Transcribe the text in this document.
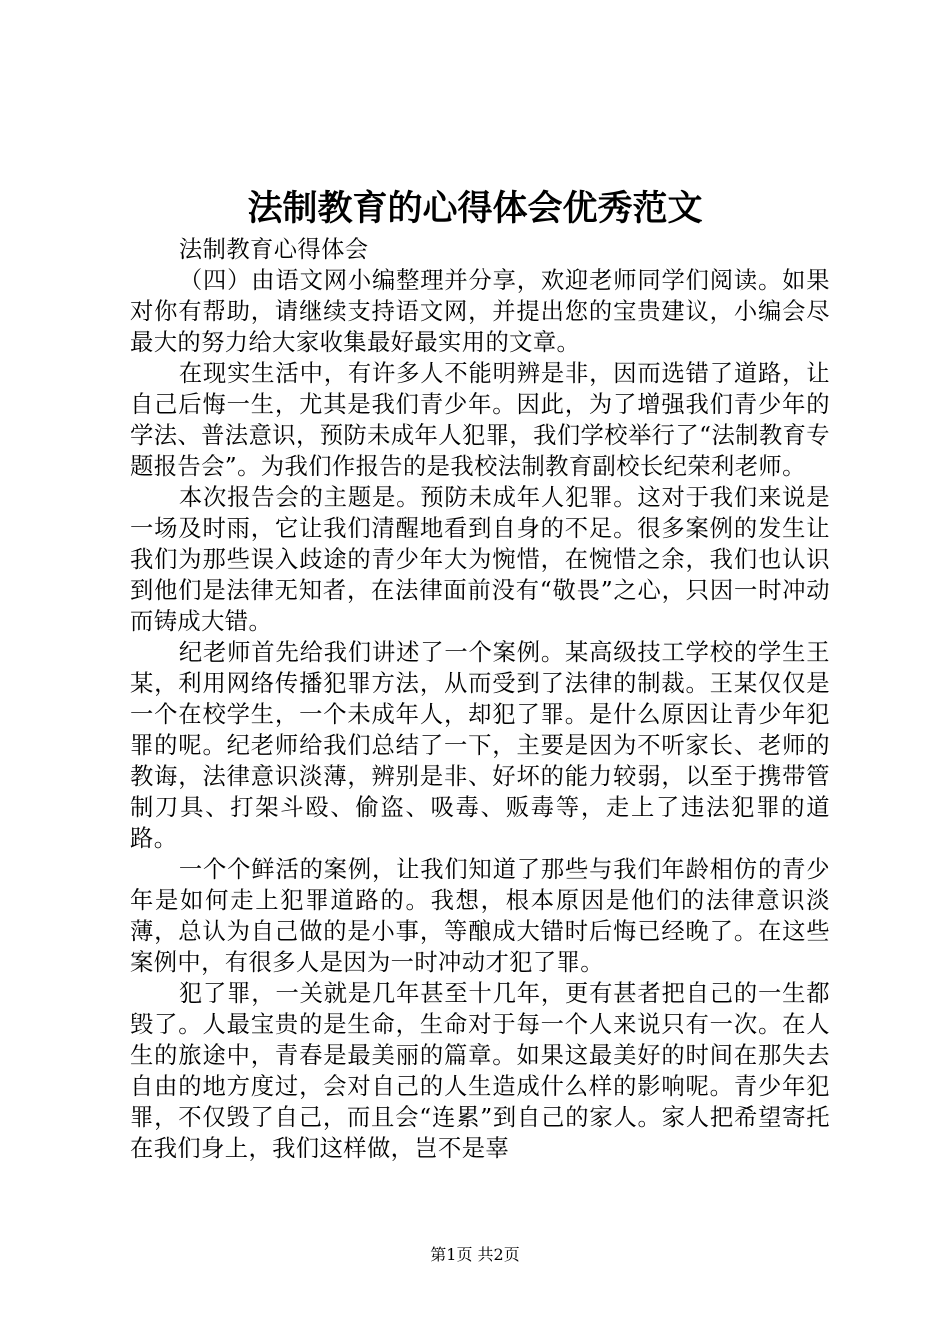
法制教育的心得体会优秀范文

法制教育心得体会

（四）由语文网小编整理并分享，欢迎老师同学们阅读。如果对你有帮助，请继续支持语文网，并提出您的宝贵建议，小编会尽最大的努力给大家收集最好最实用的文章。

在现实生活中，有许多人不能明辨是非，因而选错了道路，让自己后悔一生，尤其是我们青少年。因此，为了增强我们青少年的学法、普法意识，预防未成年人犯罪，我们学校举行了“法制教育专题报告会”。为我们作报告的是我校法制教育副校长纪荣利老师。

本次报告会的主题是。预防未成年人犯罪。这对于我们来说是一场及时雨，它让我们清醒地看到自身的不足。很多案例的发生让我们为那些误入歧途的青少年大为惋惜，在惋惜之余，我们也认识到他们是法律无知者，在法律面前没有“敬畏”之心，只因一时冲动而铸成大错。

纪老师首先给我们讲述了一个案例。某高级技工学校的学生王某，利用网络传播犯罪方法，从而受到了法律的制裁。王某仅仅是一个在校学生，一个未成年人，却犯了罪。是什么原因让青少年犯罪的呢。纪老师给我们总结了一下，主要是因为不听家长、老师的教诲，法律意识淡薄，辨别是非、好坏的能力较弱，以至于携带管制刀具、打架斗殴、偷盗、吸毒、贩毒等，走上了违法犯罪的道路。

一个个鲜活的案例，让我们知道了那些与我们年龄相仿的青少年是如何走上犯罪道路的。我想，根本原因是他们的法律意识淡薄，总认为自己做的是小事，等酿成大错时后悔已经晚了。在这些案例中，有很多人是因为一时冲动才犯了罪。

犯了罪，一关就是几年甚至十几年，更有甚者把自己的一生都毁了。人最宝贵的是生命，生命对于每一个人来说只有一次。在人生的旅途中，青春是最美丽的篇章。如果这最美好的时间在那失去自由的地方度过，会对自己的人生造成什么样的影响呢。青少年犯罪，不仅毁了自己，而且会“连累”到自己的家人。家人把希望寄托在我们身上，我们这样做，岂不是辜

第1页 共2页
